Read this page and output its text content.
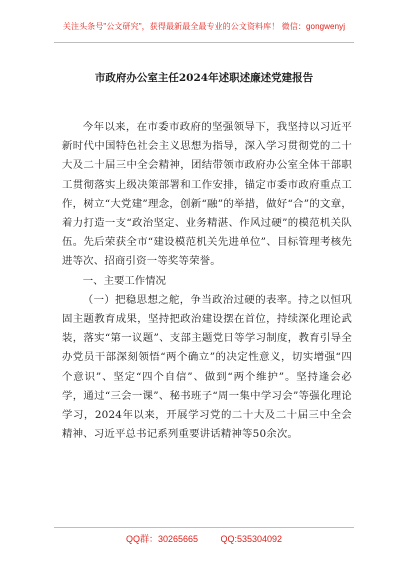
关注头条号"公文研究"，获得最新最全最专业的公文资料库！ 微信：gongwenyj
市政府办公室主任2024年述职述廉述党建报告

今年以来，在市委市政府的坚强领导下，我坚持以习近平新时代中国特色社会主义思想为指导，深入学习贯彻党的二十大及二十届三中全会精神，团结带领市政府办公室全体干部职工贯彻落实上级决策部署和工作安排，锚定市委市政府重点工作，树立“大党建”理念，创新“融”的举措，做好“合”的文章，着力打造一支“政治坚定、业务精湛、作风过硬”的模范机关队伍。先后荣获全市“建设模范机关先进单位”、目标管理考核先进等次、招商引资一等奖等荣誉。

一、主要工作情况

（一）把稳思想之舵，争当政治过硬的表率。持之以恒巩固主题教育成果，坚持把政治建设摆在首位，持续深化理论武装，落实“第一议题”、支部主题党日等学习制度，教育引导全办党员干部深刻领悟“两个确立”的决定性意义，切实增强“四个意识”、坚定“四个自信”、做到“两个维护”。坚持逢会必学，通过“三会一课”、秘书班子“周一集中学习会”等强化理论学习，2024年以来，开展学习党的二十大及二十届三中全会精神、习近平总书记系列重要讲话精神等50余次。

QQ群：30265665	QQ:535304092
